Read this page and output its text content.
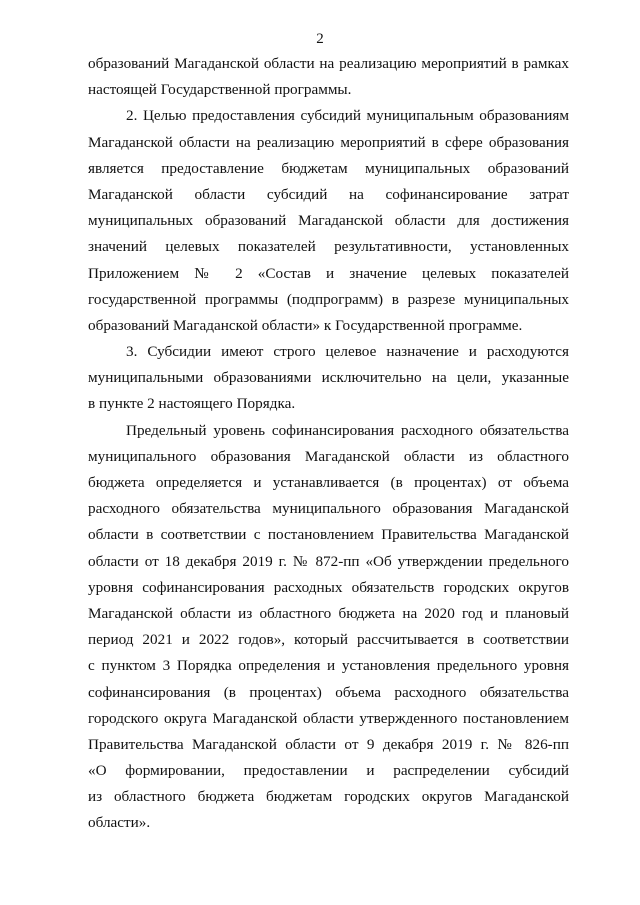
2
образований Магаданской области на реализацию мероприятий в рамках
настоящей Государственной программы.
2. Целью предоставления субсидий муниципальным образованиям
Магаданской области на реализацию мероприятий в сфере образования
является предоставление бюджетам муниципальных образований
Магаданской области субсидий на софинансирование затрат
муниципальных образований Магаданской области для достижения
значений целевых показателей результативности, установленных
Приложением № 2 «Состав и значение целевых показателей
государственной программы (подпрограмм) в разрезе муниципальных
образований Магаданской области» к Государственной программе.
3. Субсидии имеют строго целевое назначение и расходуются
муниципальными образованиями исключительно на цели, указанные
в пункте 2 настоящего Порядка.
Предельный уровень софинансирования расходного обязательства
муниципального образования Магаданской области из областного
бюджета определяется и устанавливается (в процентах) от объема
расходного обязательства муниципального образования Магаданской
области в соответствии с постановлением Правительства Магаданской
области от 18 декабря 2019 г. № 872-пп «Об утверждении предельного
уровня софинансирования расходных обязательств городских округов
Магаданской области из областного бюджета на 2020 год и плановый
период 2021 и 2022 годов», который рассчитывается в соответствии
с пунктом 3 Порядка определения и установления предельного уровня
софинансирования (в процентах) объема расходного обязательства
городского округа Магаданской области утвержденного постановлением
Правительства Магаданской области от 9 декабря 2019 г. № 826-пп
«О формировании, предоставлении и распределении субсидий
из областного бюджета бюджетам городских округов Магаданской
области».
